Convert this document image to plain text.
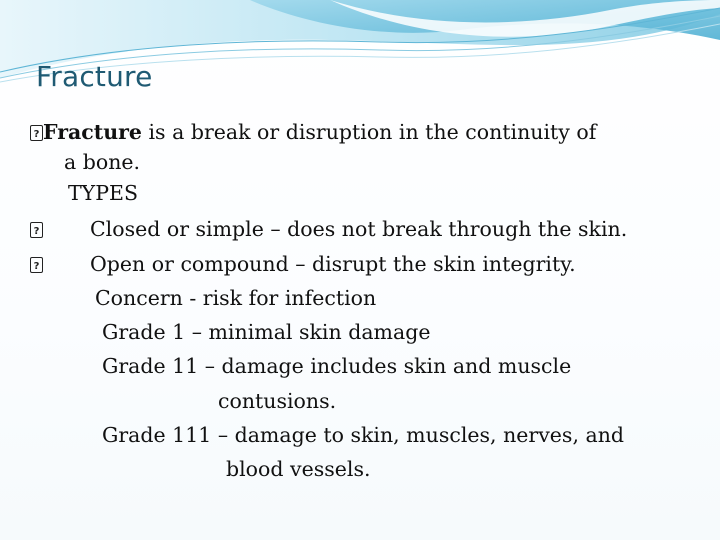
Fracture
?Fracture is a break or disruption in the continuity of
a bone.
TYPES
?Closed or simple – does not break through the skin.
?Open or compound – disrupt the skin integrity.
Concern - risk for infection
Grade 1 – minimal skin damage
Grade 11 – damage includes skin and muscle
contusions.
Grade 111 – damage to skin, muscles, nerves, and
blood vessels.
